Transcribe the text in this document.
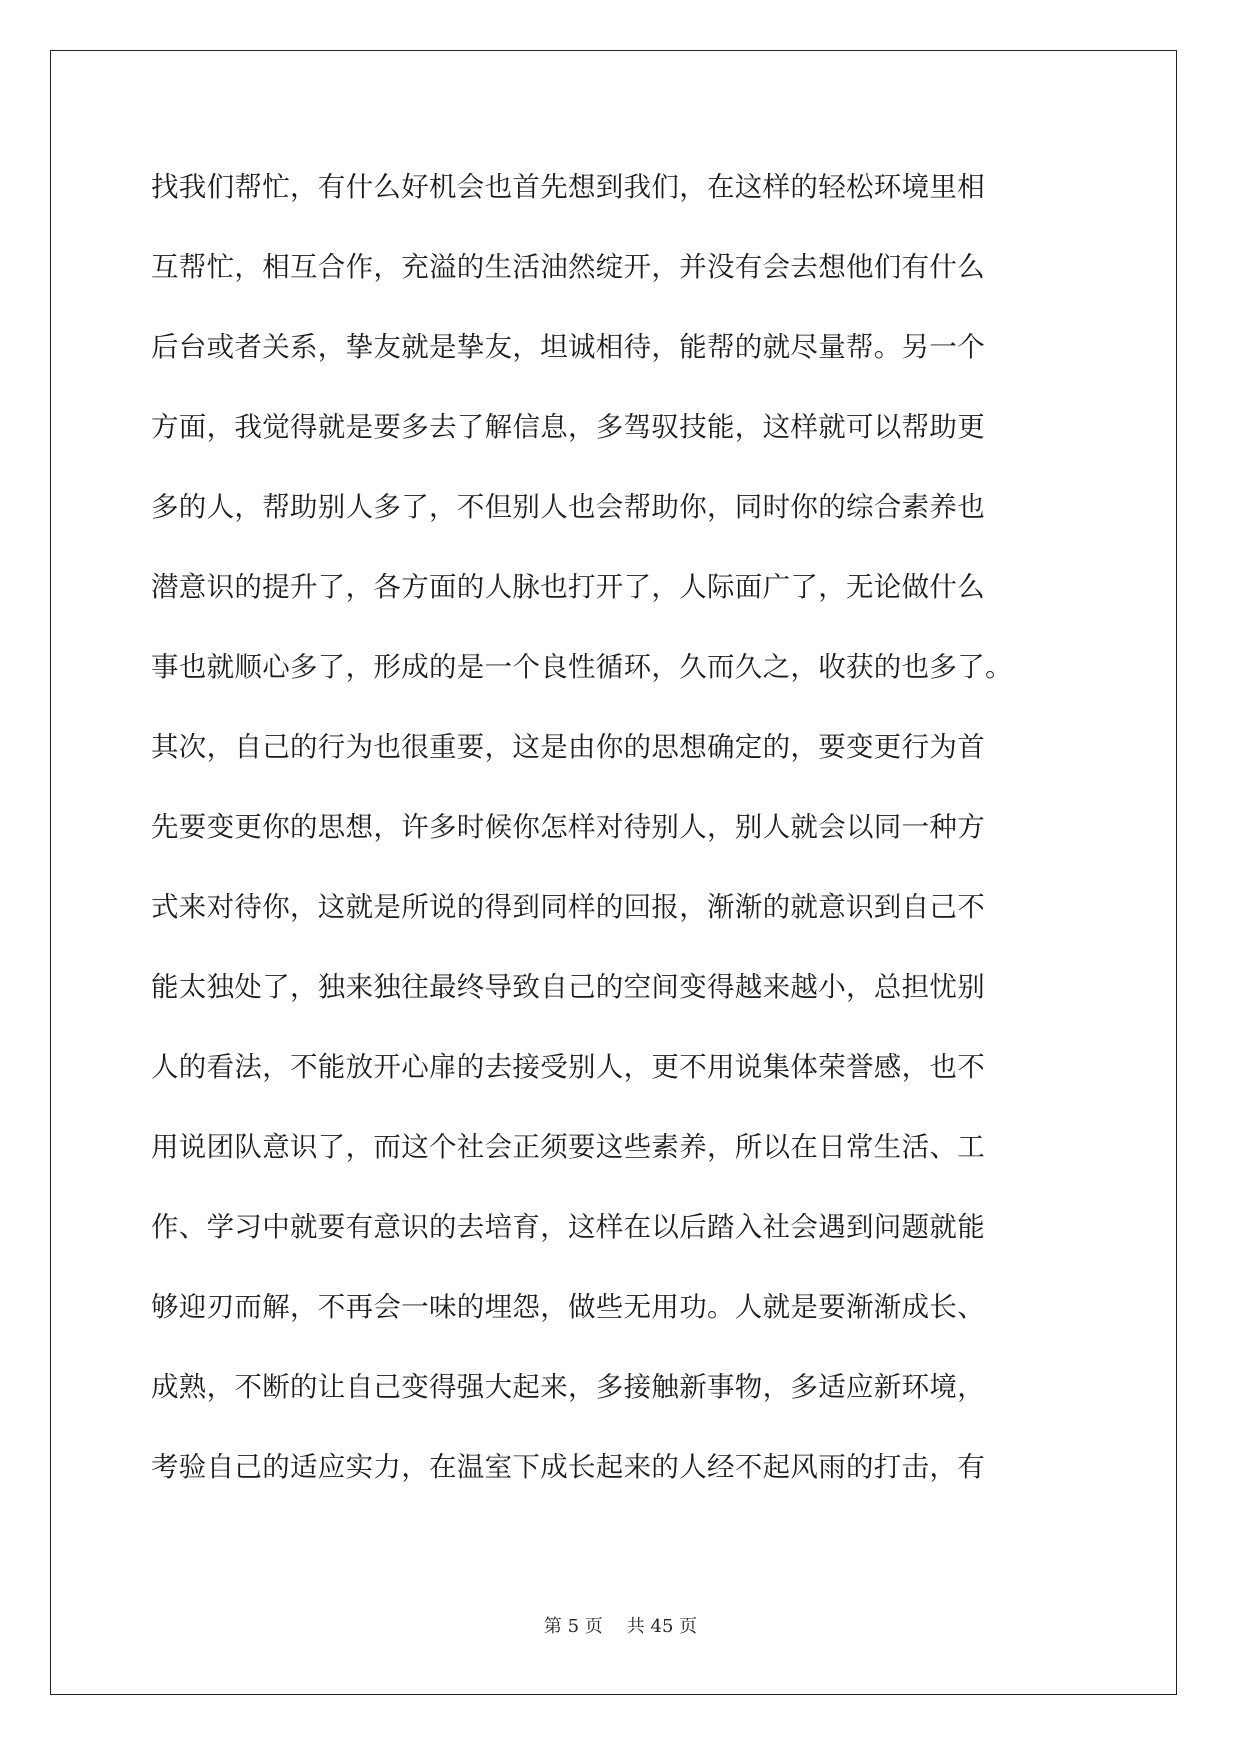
找我们帮忙，有什么好机会也首先想到我们，在这样的轻松环境里相
互帮忙，相互合作，充溢的生活油然绽开，并没有会去想他们有什么
后台或者关系，挚友就是挚友，坦诚相待，能帮的就尽量帮。另一个
方面，我觉得就是要多去了解信息，多驾驭技能，这样就可以帮助更
多的人，帮助别人多了，不但别人也会帮助你，同时你的综合素养也
潜意识的提升了，各方面的人脉也打开了，人际面广了，无论做什么
事也就顺心多了，形成的是一个良性循环，久而久之，收获的也多了。
其次，自己的行为也很重要，这是由你的思想确定的，要变更行为首
先要变更你的思想，许多时候你怎样对待别人，别人就会以同一种方
式来对待你，这就是所说的得到同样的回报，渐渐的就意识到自己不
能太独处了，独来独往最终导致自己的空间变得越来越小，总担忧别
人的看法，不能放开心扉的去接受别人，更不用说集体荣誉感，也不
用说团队意识了，而这个社会正须要这些素养，所以在日常生活、工
作、学习中就要有意识的去培育，这样在以后踏入社会遇到问题就能
够迎刃而解，不再会一味的埋怨，做些无用功。人就是要渐渐成长、
成熟，不断的让自己变得强大起来，多接触新事物，多适应新环境，
考验自己的适应实力，在温室下成长起来的人经不起风雨的打击，有
第 5 页 共 45 页
